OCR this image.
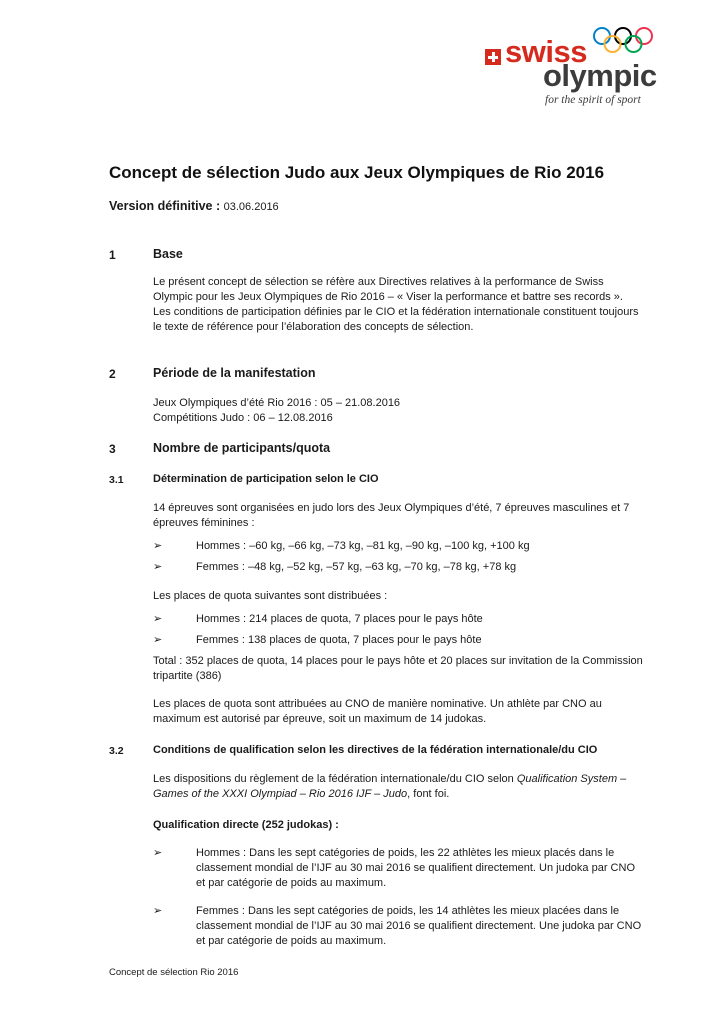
swiss
olympic
for the spirit of sport
Concept de sélection Judo aux Jeux Olympiques de Rio 2016
Version définitive : 03.06.2016
1	Base

Le présent concept de sélection se réfère aux Directives relatives à la performance de Swiss Olympic pour les Jeux Olympiques de Rio 2016 – « Viser la performance et battre ses records ». Les conditions de participation définies par le CIO et la fédération internationale constituent toujours le texte de référence pour l’élaboration des concepts de sélection.

2	Période de la manifestation
Jeux Olympiques d’été Rio 2016 : 05 – 21.08.2016
Compétitions Judo : 06 – 12.08.2016
3	Nombre de participants/quota
3.1	Détermination de participation selon le CIO

14 épreuves sont organisées en judo lors des Jeux Olympiques d’été, 7 épreuves masculines et 7 épreuves féminines :

➢	Hommes : –60 kg, –66 kg, –73 kg, –81 kg, –90 kg, –100 kg, +100 kg
➢	Femmes : –48 kg, –52 kg, –57 kg, –63 kg, –70 kg, –78 kg, +78 kg

Les places de quota suivantes sont distribuées :

➢	Hommes : 214 places de quota, 7 places pour le pays hôte
➢	Femmes : 138 places de quota, 7 places pour le pays hôte

Total : 352 places de quota, 14 places pour le pays hôte et 20 places sur invitation de la Commission tripartite (386)

Les places de quota sont attribuées au CNO de manière nominative. Un athlète par CNO au maximum est autorisé par épreuve, soit un maximum de 14 judokas.

3.2	Conditions de qualification selon les directives de la fédération internationale/du CIO

Les dispositions du règlement de la fédération internationale/du CIO selon Qualification System – Games of the XXXI Olympiad – Rio 2016 IJF – Judo, font foi.

Qualification directe (252 judokas) :
➢	Hommes : Dans les sept catégories de poids, les 22 athlètes les mieux placés dans le classement mondial de l’IJF au 30 mai 2016 se qualifient directement. Un judoka par CNO et par catégorie de poids au maximum.
➢	Femmes : Dans les sept catégories de poids, les 14 athlètes les mieux placées dans le classement mondial de l’IJF au 30 mai 2016 se qualifient directement. Une judoka par CNO et par catégorie de poids au maximum.
Concept de sélection Rio 2016
